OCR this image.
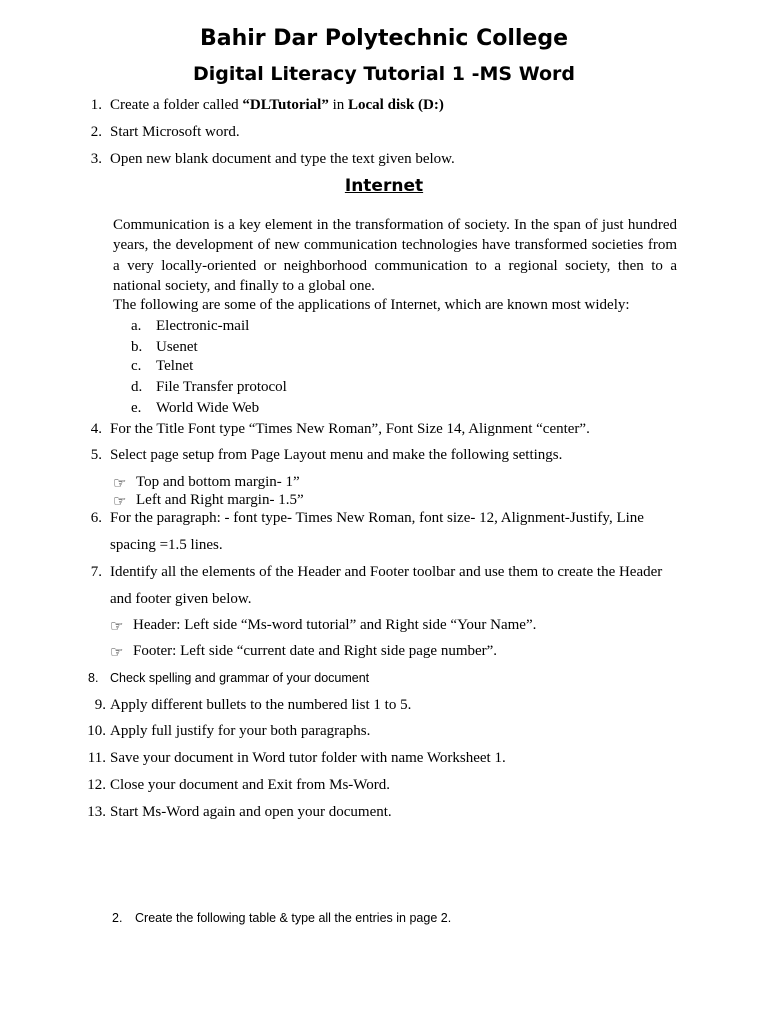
Bahir Dar Polytechnic College
Digital Literacy Tutorial 1 -MS Word
1. Create a folder called “DLTutorial” in Local disk (D:)
2. Start Microsoft word.
3. Open new blank document and type the text given below.
Internet
Communication is a key element in the transformation of society. In the span of just hundred years, the development of new communication technologies have transformed societies from a very locally-oriented or neighborhood communication to a regional society, then to a national society, and finally to a global one.
The following are some of the applications of Internet, which are known most widely:
a. Electronic-mail
b. Usenet
c. Telnet
d. File Transfer protocol
e. World Wide Web
4. For the Title Font type “Times New Roman”, Font Size 14, Alignment “center”.
5. Select page setup from Page Layout menu and make the following settings.
☞ Top and bottom margin- 1”
☞ Left and Right margin- 1.5”
6. For the paragraph: - font type- Times New Roman, font size- 12, Alignment-Justify, Line
spacing =1.5 lines.
7. Identify all the elements of the Header and Footer toolbar and use them to create the Header
and footer given below.
☞ Header: Left side “Ms-word tutorial” and Right side “Your Name”.
☞ Footer: Left side “current date and Right side page number”.
8. Check spelling and grammar of your document
9. Apply different bullets to the numbered list 1 to 5.
10. Apply full justify for your both paragraphs.
11. Save your document in Word tutor folder with name Worksheet 1.
12. Close your document and Exit from Ms-Word.
13. Start Ms-Word again and open your document.
2. Create the following table & type all the entries in page 2.
